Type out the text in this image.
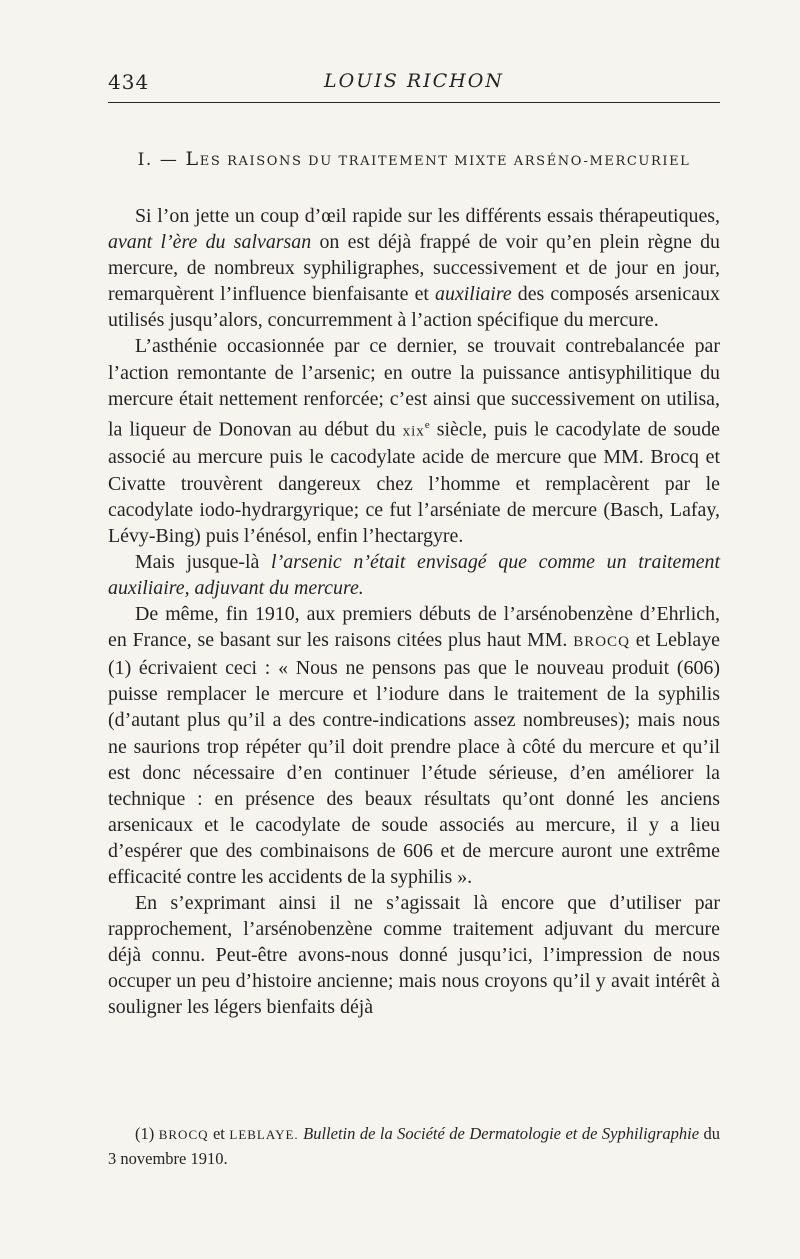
434	LOUIS RICHON
I. — LES RAISONS DU TRAITEMENT MIXTE ARSÉNO-MERCURIEL

Si l’on jette un coup d’œil rapide sur les différents essais thérapeutiques, avant l’ère du salvarsan on est déjà frappé de voir qu’en plein règne du mercure, de nombreux syphiligraphes, successivement et de jour en jour, remarquèrent l’influence bienfaisante et auxiliaire des composés arsenicaux utilisés jusqu’alors, concurremment à l’action spécifique du mercure.

L’asthénie occasionnée par ce dernier, se trouvait contrebalancée par l’action remontante de l’arsenic; en outre la puissance antisyphilitique du mercure était nettement renforcée; c’est ainsi que successivement on utilisa, la liqueur de Donovan au début du xix$^e$ siècle, puis le cacodylate de soude associé au mercure puis le cacodylate acide de mercure que MM. Brocq et Civatte trouvèrent dangereux chez l’homme et remplacèrent par le cacodylate iodo-hydrargyrique; ce fut l’arséniate de mercure (Basch, Lafay, Lévy-Bing) puis l’énésol, enfin l’hectargyre.

Mais jusque-là l’arsenic n’était envisagé que comme un traitement auxiliaire, adjuvant du mercure.

De même, fin 1910, aux premiers débuts de l’arsénobenzène d’Ehrlich, en France, se basant sur les raisons citées plus haut MM. BROCQ et Leblaye (1) écrivaient ceci : « Nous ne pensons pas que le nouveau produit (606) puisse remplacer le mercure et l’iodure dans le traitement de la syphilis (d’autant plus qu’il a des contre-indications assez nombreuses); mais nous ne saurions trop répéter qu’il doit prendre place à côté du mercure et qu’il est donc nécessaire d’en continuer l’étude sérieuse, d’en améliorer la technique : en présence des beaux résultats qu’ont donné les anciens arsenicaux et le cacodylate de soude associés au mercure, il y a lieu d’espérer que des combinaisons de 606 et de mercure auront une extrême efficacité contre les accidents de la syphilis ».

En s’exprimant ainsi il ne s’agissait là encore que d’utiliser par rapprochement, l’arsénobenzène comme traitement adjuvant du mercure déjà connu. Peut-être avons-nous donné jusqu’ici, l’impression de nous occuper un peu d’histoire ancienne; mais nous croyons qu’il y avait intérêt à souligner les légers bienfaits déjà

(1) BROCQ et LEBLAYE. Bulletin de la Société de Dermatologie et de Syphiligraphie du 3 novembre 1910.
